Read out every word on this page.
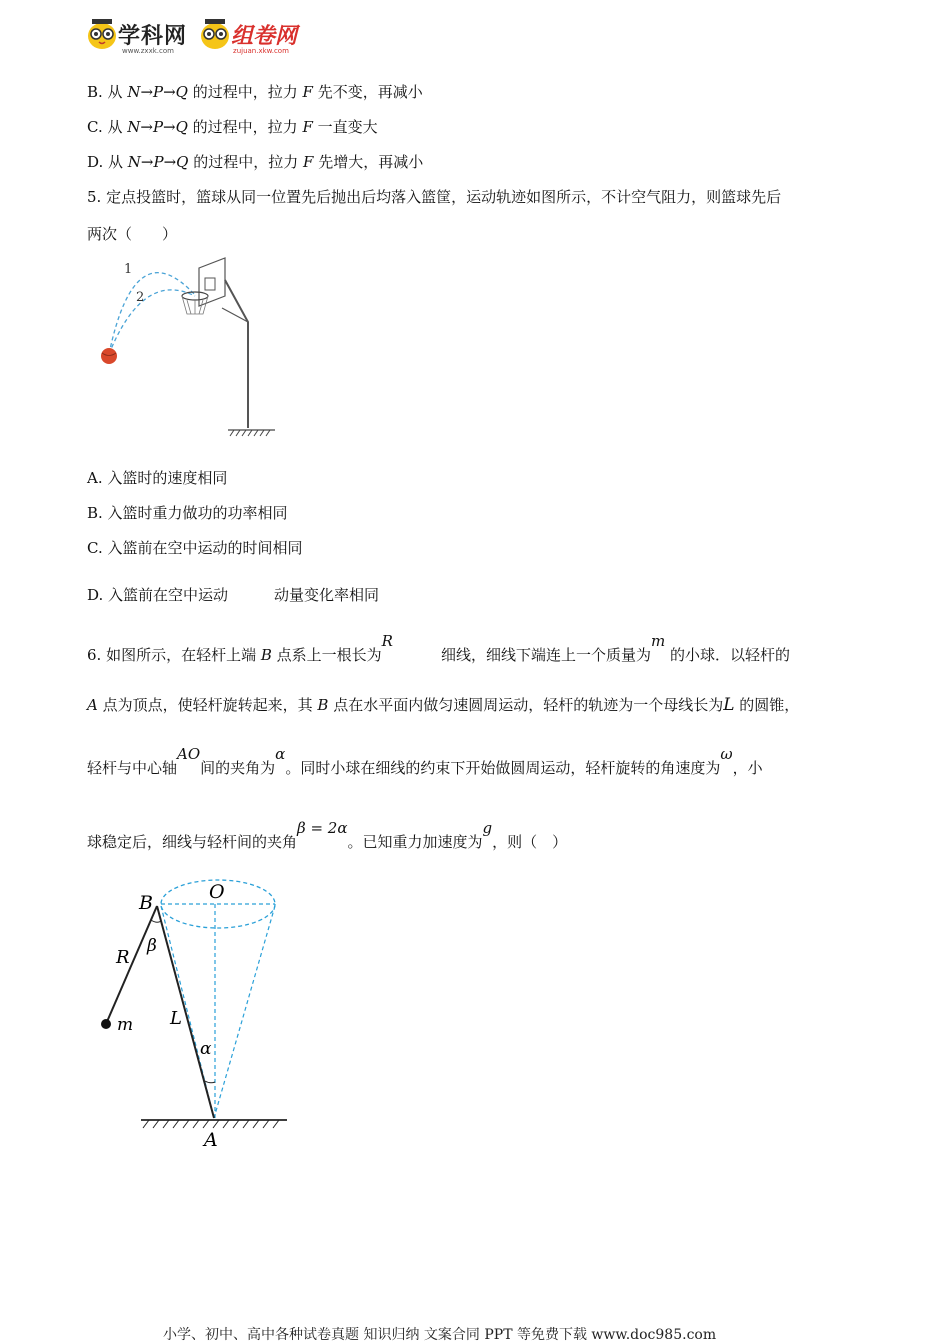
学科网
www.zxxk.com
组卷网
zujuan.xkw.com
B. 从 N→P→Q 的过程中，拉力 F 先不变，再减小
C. 从 N→P→Q 的过程中，拉力 F 一直变大
D. 从 N→P→Q 的过程中，拉力 F 先增大，再减小
5. 定点投篮时，篮球从同一位置先后抛出后均落入篮筐，运动轨迹如图所示，不计空气阻力，则篮球先后
两次（　　）
1
2
A. 入篮时的速度相同
B. 入篮时重力做功的功率相同
C. 入篮前在空中运动的时间相同
D. 入篮前在空中运动	动量变化率相同
6. 如图所示，在轻杆上端 B 点系上一根长为R细线，细线下端连上一个质量为m 的小球．以轻杆的
A 点为顶点，使轻杆旋转起来，其 B 点在水平面内做匀速圆周运动，轻杆的轨迹为一个母线长为L 的圆锥，
轻杆与中心轴AO间的夹角为α。同时小球在细线的约束下开始做圆周运动，轻杆旋转的角速度为ω，小
球稳定后，细线与轻杆间的夹角β = 2α。已知重力加速度为g，则（　）
B	O
R
β
m L
α
A
小学、初中、高中各种试卷真题 知识归纳 文案合同 PPT 等免费下载 www.doc985.com
